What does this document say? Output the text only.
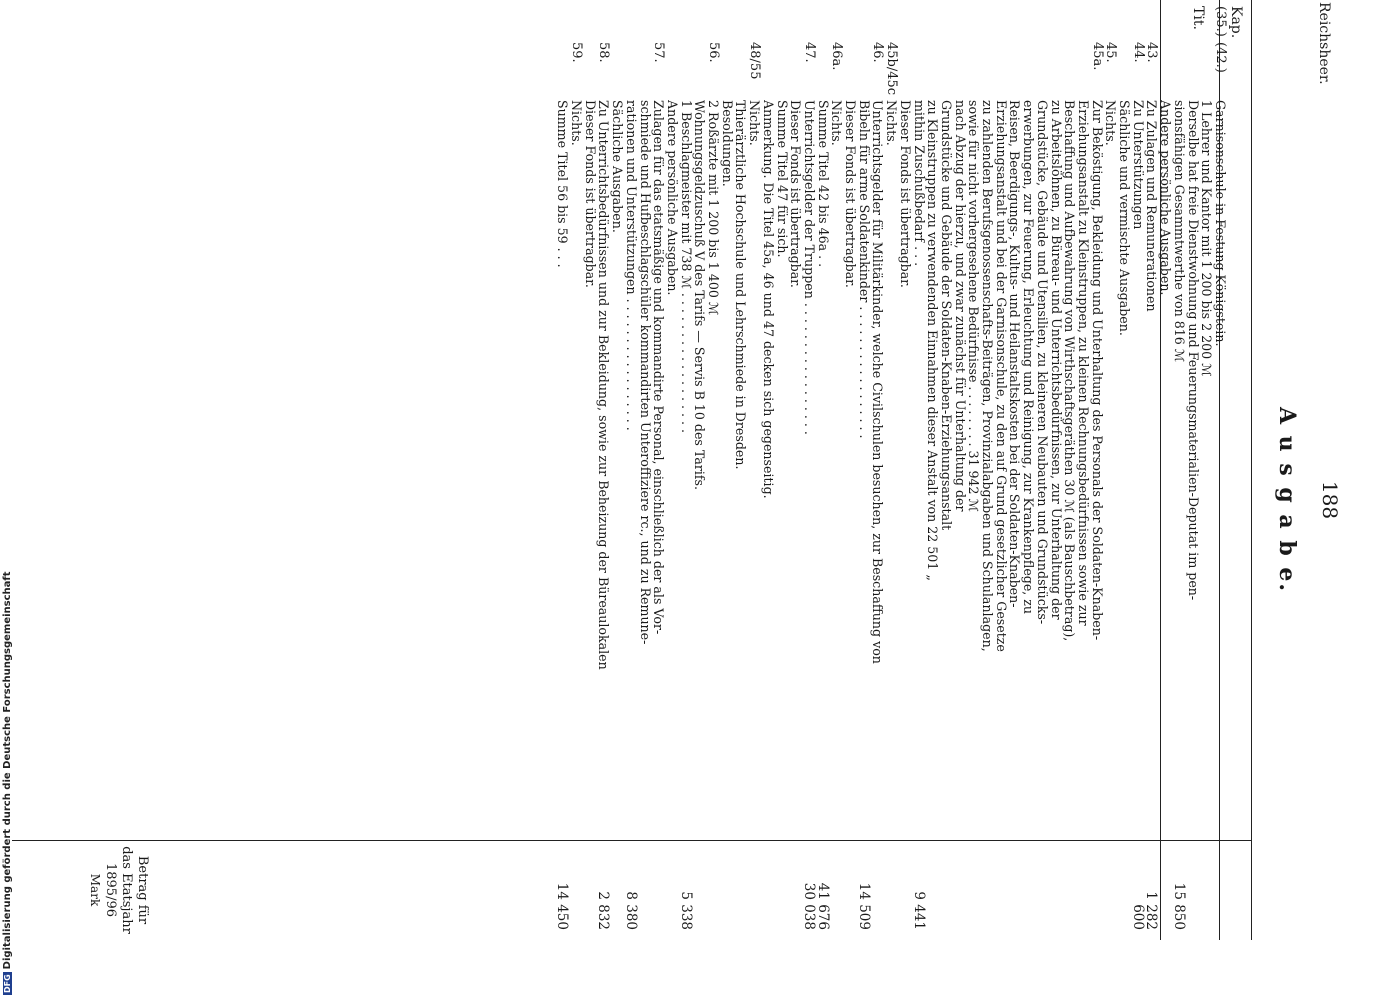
Reichsheer.
188
A u s g a b e.
Kap.
Tit.
Betrag für
das Etatsjahr
1895/96
Mark
(35.)
(42.)
Garnisonschule in Festung Königstein.
1 Lehrer und Kantor mit 1 200 bis 2 200 ℳ
Derselbe hat freie Dienstwohnung und Feuerungsmaterialien-Deputat im pen-
sionsfähigen Gesammtwerthe von 816 ℳ
15 850
Andere persönliche Ausgaben.
43.
Zu Zulagen und Remunerationen
1 282
44.
Zu Unterstützungen
600
Sächliche und vermischte Ausgaben.
45.
Nichts.
45a.
Zur Beköstigung, Bekleidung und Unterhaltung des Personals der Soldaten-Knaben-
Erziehungsanstalt zu Kleinstruppen, zu kleinen Rechnungsbedürfnissen sowie zur
Beschaffung und Aufbewahrung von Wirthschaftsgeräthen 30 ℳ (als Bauschbetrag),
zu Arbeitslöhnen, zu Büreau- und Unterrichtsbedürfnissen, zur Unterhaltung der
Grundstücke, Gebäude und Utensilien, zu kleineren Neubauten und Grundstücks-
erwerbungen, zur Feuerung, Erleuchtung und Reinigung, zur Krankenpflege, zu
Reisen, Beerdigungs-, Kultus- und Heilanstaltskosten bei der Soldaten-Knaben-
Erziehungsanstalt und bei der Garnisonschule, zu den auf Grund gesetzlicher Gesetze
zu zahlenden Berufsgenossenschafts-Beiträgen, Provinzialabgaben und Schulanlagen,
sowie für nicht vorhergesehene Bedürfnisse . . . . . . . . 31 942 ℳ
nach Abzug der hierzu, und zwar zunächst für Unterhaltung der
Grundstücke und Gebäude der Soldaten-Knaben-Erziehungsanstalt
zu Kleinstruppen zu verwendenden Einnahmen dieser Anstalt von 22 501 „
mithin Zuschußbedarf . . .
9 441
Dieser Fonds ist übertragbar.
45b/45c
Nichts.
46.
Unterrichtsgelder für Militärkinder, welche Civilschulen besuchen, zur Beschaffung von
Bibeln für arme Soldatenkinder . . . . . . . . . . . . . . . . .
14 509
Dieser Fonds ist übertragbar.
46a.
Nichts.
Summe Titel 42 bis 46a . .
41 676
47.
Unterrichtsgelder der Truppen . . . . . . . . . . . . . . . . .
30 038
Dieser Fonds ist übertragbar.
Summe Titel 47 für sich.
Anmerkung. Die Titel 45a, 46 und 47 decken sich gegenseitig.
48/55
Nichts.
Thierärztliche Hochschule und Lehrschmiede in Dresden.
Besoldungen.
56.
2 Roßärzte mit 1 200 bis 1 400 ℳ
Wohnungsgeldzuschuß V des Tarifs — Servis B 10 des Tarifs.
1 Beschlagmeister mit 738 ℳ . . . . . . . . . . . . . . . . . .
5 338
Andere persönliche Ausgaben.
57.
Zulagen für das etatsmäßige und kommandirte Personal, einschließlich der als Vor-
schmiede und Hufbeschlagschüler kommandirten Unteroffiziere rc., und zu Remune-
rationen und Unterstützungen . . . . . . . . . . . . . . . . .
8 380
Sächliche Ausgaben.
58.
Zu Unterrichtsbedürfnissen und zur Bekleidung, sowie zur Beheizung der Büreaulokalen
2 832
Dieser Fonds ist übertragbar.
59.
Nichts.
Summe Titel 56 bis 59 . . .
14 450
DFGDigitalisierung gefördert durch die Deutsche Forschungsgemeinschaft
